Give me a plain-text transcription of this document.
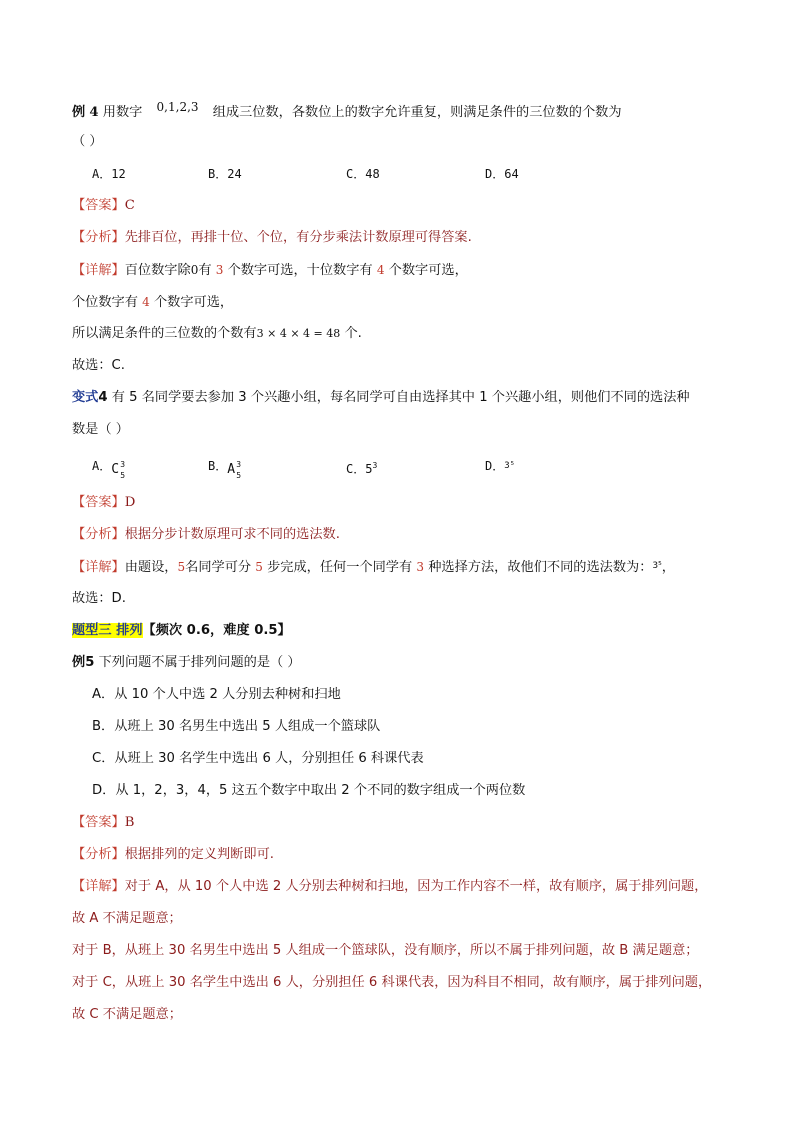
例 4 用数字 0,1,2,3 组成三位数，各数位上的数字允许重复，则满足条件的三位数的个数为
（ ）
A．12	B．24	C．48	D．64
【答案】C
【分析】先排百位，再排十位、个位，有分步乘法计数原理可得答案.
【详解】百位数字除0有 3 个数字可选，十位数字有 4 个数字可选，
个位数字有 4 个数字可选，
所以满足条件的三位数的个数有3 × 4 × 4 = 48 个.
故选：C.
变式4 有 5 名同学要去参加 3 个兴趣小组，每名同学可自由选择其中 1 个兴趣小组，则他们不同的选法种
数是（ ）
A． C 3
5
B． A 3
5	C．$5^3$	D．3⁵
【答案】D
【分析】根据分步计数原理可求不同的选法数.
【详解】由题设，5名同学可分 5 步完成，任何一个同学有 3 种选择方法，故他们不同的选法数为：$^{3^5}$，
故选：D.
题型三 排列【频次 0.6，难度 0.5】
例5 下列问题不属于排列问题的是（ ）
A．从 10 个人中选 2 人分别去种树和扫地
B．从班上 30 名男生中选出 5 人组成一个篮球队
C．从班上 30 名学生中选出 6 人，分别担任 6 科课代表
D．从 1，2，3，4，5 这五个数字中取出 2 个不同的数字组成一个两位数
【答案】B
【分析】根据排列的定义判断即可.
【详解】对于 A，从 10 个人中选 2 人分别去种树和扫地，因为工作内容不一样，故有顺序，属于排列问题，
故 A 不满足题意；
对于 B，从班上 30 名男生中选出 5 人组成一个篮球队，没有顺序，所以不属于排列问题，故 B 满足题意；
对于 C，从班上 30 名学生中选出 6 人，分别担任 6 科课代表，因为科目不相同，故有顺序，属于排列问题，
故 C 不满足题意；
